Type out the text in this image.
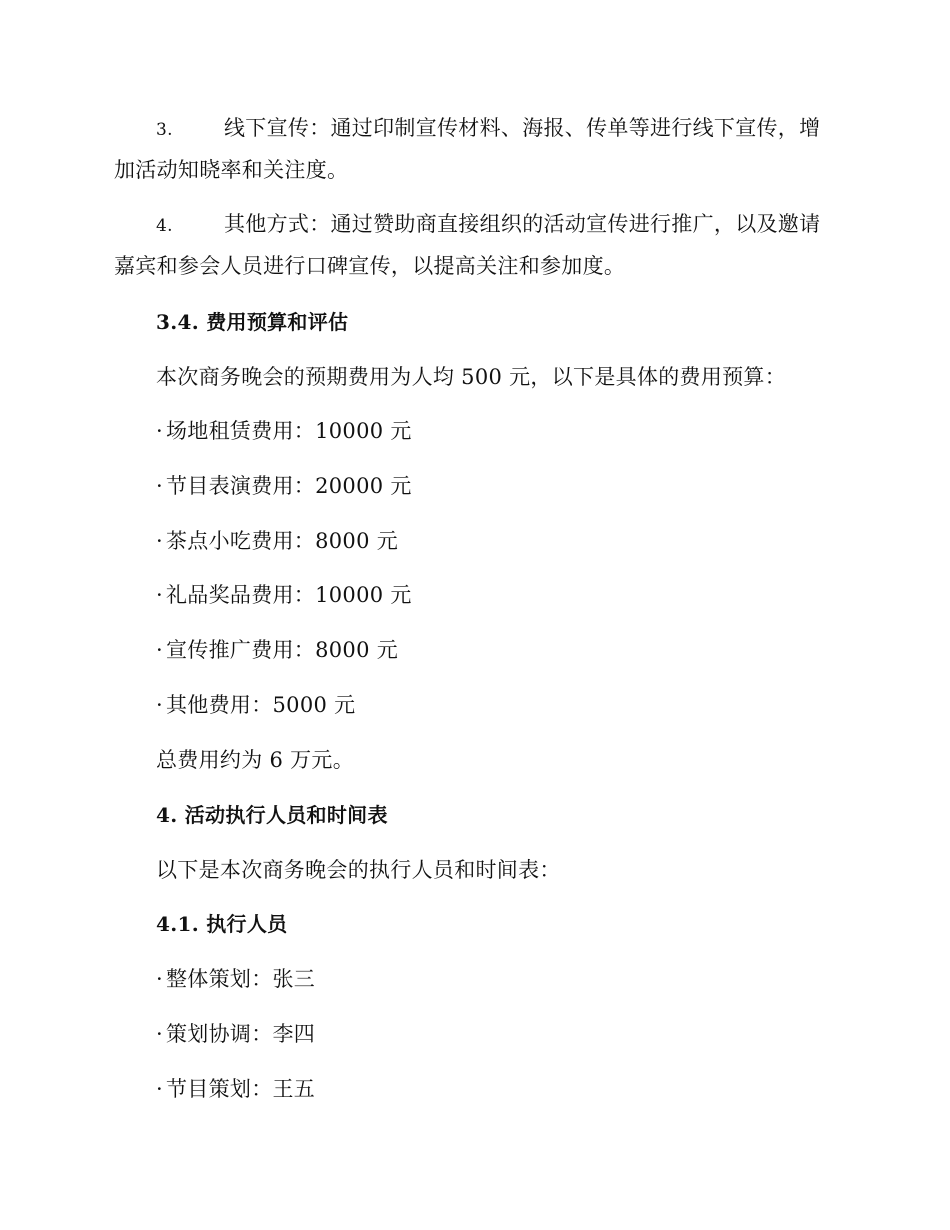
3. 线下宣传：通过印制宣传材料、海报、传单等进行线下宣传，增加活动知晓率和关注度。
4. 其他方式：通过赞助商直接组织的活动宣传进行推广，以及邀请嘉宾和参会人员进行口碑宣传，以提高关注和参加度。
3.4. 费用预算和评估
本次商务晚会的预期费用为人均 500 元，以下是具体的费用预算：
· 场地租赁费用：10000 元
· 节目表演费用：20000 元
· 茶点小吃费用：8000 元
· 礼品奖品费用：10000 元
· 宣传推广费用：8000 元
· 其他费用：5000 元
总费用约为 6 万元。
4. 活动执行人员和时间表
以下是本次商务晚会的执行人员和时间表：
4.1. 执行人员
· 整体策划：张三
· 策划协调：李四
· 节目策划：王五
